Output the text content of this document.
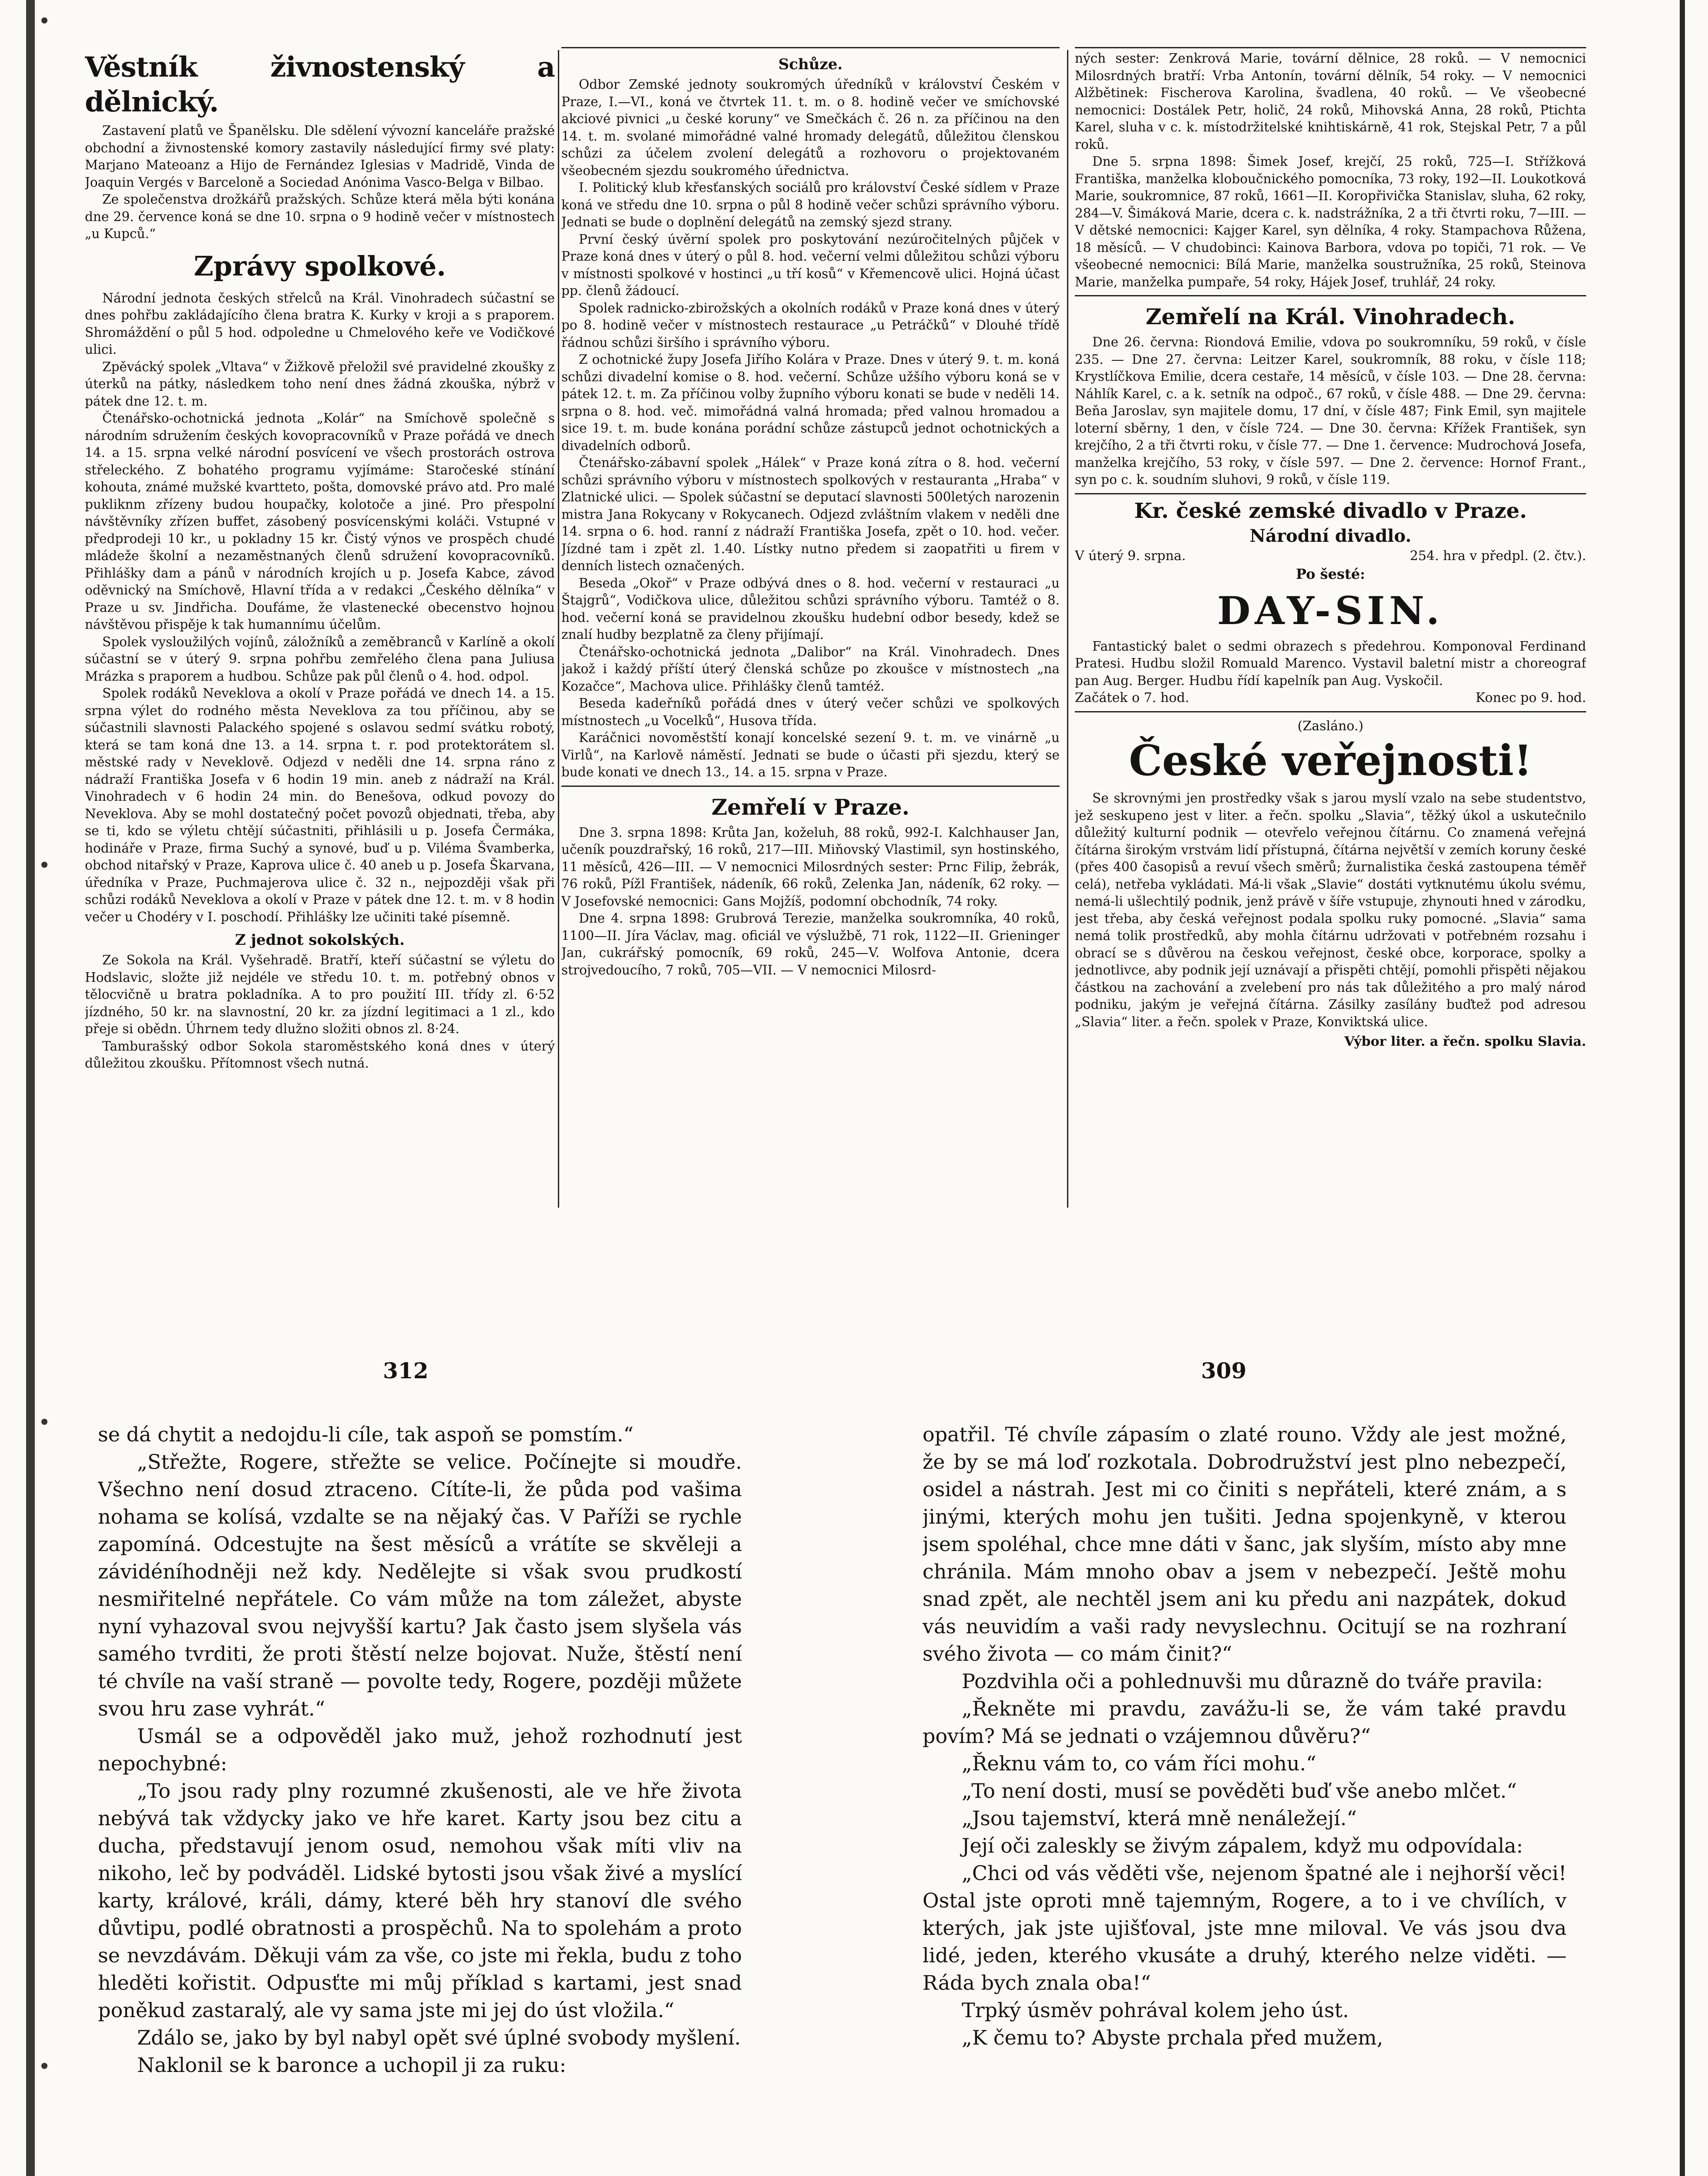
Věstník živnostenský a dělnický.

Zastavení platů ve Španělsku. Dle sdělení vývozní kanceláře pražské obchodní a živnostenské komory zastavily následující firmy své platy: Marjano Mateoanz a Hijo de Fernández Iglesias v Madridě, Vinda de Joaquin Vergés v Barceloně a Sociedad Anónima Vasco-Belga v Bilbao.

Ze společenstva drožkářů pražských. Schůze která měla býti konána dne 29. července koná se dne 10. srpna o 9 hodině večer v místnostech „u Kupců.“

Zprávy spolkové.

Národní jednota českých střelců na Král. Vinohradech súčastní se dnes pohřbu zakládajícího člena bratra K. Kurky v kroji a s praporem. Shromáždění o půl 5 hod. odpoledne u Chmelového keře ve Vodičkové ulici.

Zpěvácký spolek „Vltava“ v Žižkově přeložil své pravidelné zkoušky z úterků na pátky, následkem toho není dnes žádná zkouška, nýbrž v pátek dne 12. t. m.

Čtenářsko-ochotnická jednota „Kolár“ na Smíchově společně s národním sdružením českých kovopracovníků v Praze pořádá ve dnech 14. a 15. srpna velké národní posvícení ve všech prostorách ostrova střeleckého. Z bohatého programu vyjímáme: Staročeské stínání kohouta, známé mužské kvartteto, pošta, domovské právo atd. Pro malé pukliknm zřízeny budou houpačky, kolotoče a jiné. Pro přespolní návštěvníky zřízen buffet, zásobený posvícenskými koláči. Vstupné v předprodeji 10 kr., u pokladny 15 kr. Čistý výnos ve prospěch chudé mládeže školní a nezaměstnaných členů sdružení kovopracovníků. Přihlášky dam a pánů v národních krojích u p. Josefa Kabce, závod oděvnický na Smíchově, Hlavní třída a v redakci „Českého dělníka“ v Praze u sv. Jindřicha. Doufáme, že vlastenecké obecenstvo hojnou návštěvou přispěje k tak humannímu účelům.

Spolek vysloužilých vojínů, záložníků a zeměbranců v Karlíně a okolí súčastní se v úterý 9. srpna pohřbu zemřelého člena pana Juliusa Mrázka s praporem a hudbou. Schůze pak půl členů o 4. hod. odpol.

Spolek rodáků Neveklova a okolí v Praze pořádá ve dnech 14. a 15. srpna výlet do rodného města Neveklova za tou příčinou, aby se súčastnili slavnosti Palackého spojené s oslavou sedmí svátku robotý, která se tam koná dne 13. a 14. srpna t. r. pod protektorátem sl. městské rady v Neveklově. Odjezd v neděli dne 14. srpna ráno z nádraží Františka Josefa v 6 hodin 19 min. aneb z nádraží na Král. Vinohradech v 6 hodin 24 min. do Benešova, odkud povozy do Neveklova. Aby se mohl dostatečný počet povozů objednati, třeba, aby se ti, kdo se výletu chtějí súčastniti, přihlásili u p. Josefa Čermáka, hodináře v Praze, firma Suchý a synové, buď u p. Viléma Švamberka, obchod nitařský v Praze, Kaprova ulice č. 40 aneb u p. Josefa Škarvana, úředníka v Praze, Puchmajerova ulice č. 32 n., nejpozději však při schůzi rodáků Neveklova a okolí v Praze v pátek dne 12. t. m. v 8 hodin večer u Chodéry v I. poschodí. Přihlášky lze učiniti také písemně.

Z jednot sokolských.

Ze Sokola na Král. Vyšehradě. Bratří, kteří súčastní se výletu do Hodslavic, složte již nejdéle ve středu 10. t. m. potřebný obnos v tělocvičně u bratra pokladníka. A to pro použití III. třídy zl. 6·52 jízdného, 50 kr. na slavnostní, 20 kr. za jízdní legitimaci a 1 zl., kdo přeje si obědn. Úhrnem tedy dlužno složiti obnos zl. 8·24.

Tamburašský odbor Sokola staroměstského koná dnes v úterý důležitou zkoušku. Přítomnost všech nutná.

Schůze.

Odbor Zemské jednoty soukromých úředníků v království Českém v Praze, I.—VI., koná ve čtvrtek 11. t. m. o 8. hodině večer ve smíchovské akciové pivnici „u české koruny“ ve Smečkách č. 26 n. za příčinou na den 14. t. m. svolané mimořádné valné hromady delegátů, důležitou členskou schůzi za účelem zvolení delegátů a rozhovoru o projektovaném všeobecném sjezdu soukromého úřednictva.

I. Politický klub křesťanských sociálů pro království České sídlem v Praze koná ve středu dne 10. srpna o půl 8 hodině večer schůzi správního výboru. Jednati se bude o doplnění delegátů na zemský sjezd strany.

První český úvěrní spolek pro poskytování nezúročitelných půjček v Praze koná dnes v úterý o půl 8. hod. večerní velmi důležitou schůzi výboru v místnosti spolkové v hostinci „u tří kosů“ v Křemencově ulici. Hojná účast pp. členů žádoucí.

Spolek radnicko-zbirožských a okolních rodáků v Praze koná dnes v úterý po 8. hodině večer v místnostech restaurace „u Petráčků“ v Dlouhé třídě řádnou schůzi širšího i správního výboru.

Z ochotnické župy Josefa Jiřího Kolára v Praze. Dnes v úterý 9. t. m. koná schůzi divadelní komise o 8. hod. večerní. Schůze užšího výboru koná se v pátek 12. t. m. Za příčinou volby župního výboru konati se bude v neděli 14. srpna o 8. hod. več. mimořádná valná hromada; před valnou hromadou a sice 19. t. m. bude konána porádní schůze zástupců jednot ochotnických a divadelních odborů.

Čtenářsko-zábavní spolek „Hálek“ v Praze koná zítra o 8. hod. večerní schůzi správního výboru v místnostech spolkových v restauranta „Hraba“ v Zlatnické ulici. — Spolek súčastní se deputací slavnosti 500letých narozenin mistra Jana Rokycany v Rokycanech. Odjezd zvláštním vlakem v neděli dne 14. srpna o 6. hod. ranní z nádraží Františka Josefa, zpět o 10. hod. večer. Jízdné tam i zpět zl. 1.40. Lístky nutno předem si zaopatřiti u firem v denních listech označených.

Beseda „Okoř“ v Praze odbývá dnes o 8. hod. večerní v restauraci „u Štajgrů“, Vodičkova ulice, důležitou schůzi správního výboru. Tamtéž o 8. hod. večerní koná se pravidelnou zkoušku hudební odbor besedy, kdež se znalí hudby bezplatně za členy přijímají.

Čtenářsko-ochotnická jednota „Dalibor“ na Král. Vinohradech. Dnes jakož i každý příští úterý členská schůze po zkoušce v místnostech „na Kozačce“, Machova ulice. Přihlášky členů tamtéž.

Beseda kadeřníků pořádá dnes v úterý večer schůzi ve spolkových místnostech „u Vocelků“, Husova třída.

Karáčnici novoměstští konají koncelské sezení 9. t. m. ve vinárně „u Virlů“, na Karlově náměstí. Jednati se bude o účasti při sjezdu, který se bude konati ve dnech 13., 14. a 15. srpna v Praze.

Zemřelí v Praze.

Dne 3. srpna 1898: Krůta Jan, koželuh, 88 roků, 992-I. Kalchhauser Jan, učeník pouzdrařský, 16 roků, 217—III. Miňovský Vlastimil, syn hostinského, 11 měsíců, 426—III. — V nemocnici Milosrdných sester: Prnc Filip, žebrák, 76 roků, Pížl František, nádeník, 66 roků, Zelenka Jan, nádeník, 62 roky. — V Josefovské nemocnici: Gans Mojžíš, podomní obchodník, 74 roky.

Dne 4. srpna 1898: Grubrová Terezie, manželka soukromníka, 40 roků, 1100—II. Jíra Václav, mag. oficiál ve výslužbě, 71 rok, 1122—II. Grieninger Jan, cukrářský pomocník, 69 roků, 245—V. Wolfova Antonie, dcera strojvedoucího, 7 roků, 705—VII. — V nemocnici Milosrd-

ných sester: Zenkrová Marie, tovární dělnice, 28 roků. — V nemocnici Milosrdných bratří: Vrba Antonín, tovární dělník, 54 roky. — V nemocnici Alžbětinek: Fischerova Karolina, švadlena, 40 roků. — Ve všeobecné nemocnici: Dostálek Petr, holič, 24 roků, Mihovská Anna, 28 roků, Ptichta Karel, sluha v c. k. místodržitelské knihtiskárně, 41 rok, Stejskal Petr, 7 a půl roků.

Dne 5. srpna 1898: Šimek Josef, krejčí, 25 roků, 725—I. Střížková Františka, manželka kloboučnického pomocníka, 73 roky, 192—II. Loukotková Marie, soukromnice, 87 roků, 1661—II. Koropřivička Stanislav, sluha, 62 roky, 284—V. Šimáková Marie, dcera c. k. nadstrážníka, 2 a tři čtvrti roku, 7—III. — V dětské nemocnici: Kajger Karel, syn dělníka, 4 roky. Stampachova Růžena, 18 měsíců. — V chudobinci: Kainova Barbora, vdova po topiči, 71 rok. — Ve všeobecné nemocnici: Bílá Marie, manželka soustružníka, 25 roků, Steinova Marie, manželka pumpaře, 54 roky, Hájek Josef, truhlář, 24 roky.

Zemřelí na Král. Vinohradech.

Dne 26. června: Riondová Emilie, vdova po soukromníku, 59 roků, v čísle 235. — Dne 27. června: Leitzer Karel, soukromník, 88 roku, v čísle 118; Krystlíčkova Emilie, dcera cestaře, 14 měsíců, v čísle 103. — Dne 28. června: Náhlík Karel, c. a k. setník na odpoč., 67 roků, v čísle 488. — Dne 29. června: Beňa Jaroslav, syn majitele domu, 17 dní, v čísle 487; Fink Emil, syn majitele loterní sběrny, 1 den, v čísle 724. — Dne 30. června: Křížek František, syn krejčího, 2 a tři čtvrti roku, v čísle 77. — Dne 1. července: Mudrochová Josefa, manželka krejčího, 53 roky, v čísle 597. — Dne 2. července: Hornof Frant., syn po c. k. soudním sluhovi, 9 roků, v čísle 119.

Kr. české zemské divadlo v Praze.
Národní divadlo.
V úterý 9. srpna.	254. hra v předpl. (2. čtv.).
Po šesté:
DAY-SIN.

Fantastický balet o sedmi obrazech s předehrou. Komponoval Ferdinand Pratesi. Hudbu složil Romuald Marenco. Vystavil baletní mistr a choreograf pan Aug. Berger. Hudbu řídí kapelník pan Aug. Vyskočil.

Začátek o 7. hod.	Konec po 9. hod.
(Zasláno.)
České veřejnosti!

Se skrovnými jen prostředky však s jarou myslí vzalo na sebe studentstvo, jež seskupeno jest v liter. a řečn. spolku „Slavia“, těžký úkol a uskutečnilo důležitý kulturní podnik — otevřelo veřejnou čítárnu. Co znamená veřejná čítárna širokým vrstvám lidí přístupná, čítárna největší v zemích koruny české (přes 400 časopisů a revuí všech směrů; žurnalistika česká zastoupena téměř celá), netřeba vykládati. Má-li však „Slavie“ dostáti vytknutému úkolu svému, nemá-li ušlechtilý podnik, jenž právě v šíře vstupuje, zhynouti hned v zárodku, jest třeba, aby česká veřejnost podala spolku ruky pomocné. „Slavia“ sama nemá tolik prostředků, aby mohla čítárnu udržovati v potřebném rozsahu i obrací se s důvěrou na českou veřejnost, české obce, korporace, spolky a jednotlivce, aby podnik její uznávají a přispěti chtějí, pomohli přispěti nějakou částkou na zachování a zvelebení pro nás tak důležitého a pro malý národ podniku, jakým je veřejná čítárna. Zásilky zasílány buďtež pod adresou „Slavia“ liter. a řečn. spolek v Praze, Konviktská ulice.

Výbor liter. a řečn. spolku Slavia.
312	309

se dá chytit a nedojdu-li cíle, tak aspoň se pomstím.“

„Střežte, Rogere, střežte se velice. Počínejte si moudře. Všechno není dosud ztraceno. Cítíte-li, že půda pod vašima nohama se kolísá, vzdalte se na nějaký čas. V Paříži se rychle zapomíná. Odcestujte na šest měsíců a vrátíte se skvěleji a závidéníhodněji než kdy. Nedělejte si však svou prudkostí nesmiřitelné nepřátele. Co vám může na tom záležet, abyste nyní vyhazoval svou nejvyšší kartu? Jak často jsem slyšela vás samého tvrditi, že proti štěstí nelze bojovat. Nuže, štěstí není té chvíle na vaší straně — povolte tedy, Rogere, později můžete svou hru zase vyhrát.“

Usmál se a odpověděl jako muž, jehož rozhodnutí jest nepochybné:

„To jsou rady plny rozumné zkušenosti, ale ve hře života nebývá tak vždycky jako ve hře karet. Karty jsou bez citu a ducha, představují jenom osud, nemohou však míti vliv na nikoho, leč by podváděl. Lidské bytosti jsou však živé a myslící karty, králové, králi, dámy, které běh hry stanoví dle svého důvtipu, podlé obratnosti a prospěchů. Na to spolehám a proto se nevzdávám. Děkuji vám za vše, co jste mi řekla, budu z toho hleděti kořistit. Odpusťte mi můj příklad s kartami, jest snad poněkud zastaralý, ale vy sama jste mi jej do úst vložila.“

Zdálo se, jako by byl nabyl opět své úplné svobody myšlení.

Naklonil se k baronce a uchopil ji za ruku:

opatřil. Té chvíle zápasím o zlaté rouno. Vždy ale jest možné, že by se má loď rozkotala. Dobrodružství jest plno nebezpečí, osidel a nástrah. Jest mi co činiti s nepřáteli, které znám, a s jinými, kterých mohu jen tušiti. Jedna spojenkyně, v kterou jsem spoléhal, chce mne dáti v šanc, jak slyším, místo aby mne chránila. Mám mnoho obav a jsem v nebezpečí. Ještě mohu snad zpět, ale nechtěl jsem ani ku předu ani nazpátek, dokud vás neuvidím a vaši rady nevyslechnu. Ocitují se na rozhraní svého života — co mám činit?“

Pozdvihla oči a pohlednuvši mu důrazně do tváře pravila:

„Řekněte mi pravdu, zavážu-li se, že vám také pravdu povím? Má se jednati o vzájemnou důvěru?“

„Řeknu vám to, co vám říci mohu.“

„To není dosti, musí se pověděti buď vše anebo mlčet.“

„Jsou tajemství, která mně nenáležejí.“

Její oči zaleskly se živým zápalem, když mu odpovídala:

„Chci od vás věděti vše, nejenom špatné ale i nejhorší věci! Ostal jste oproti mně tajemným, Rogere, a to i ve chvílích, v kterých, jak jste ujišťoval, jste mne miloval. Ve vás jsou dva lidé, jeden, kterého vkusáte a druhý, kterého nelze viděti. — Ráda bych znala oba!“

Trpký úsměv pohrával kolem jeho úst.

„K čemu to? Abyste prchala před mužem,
